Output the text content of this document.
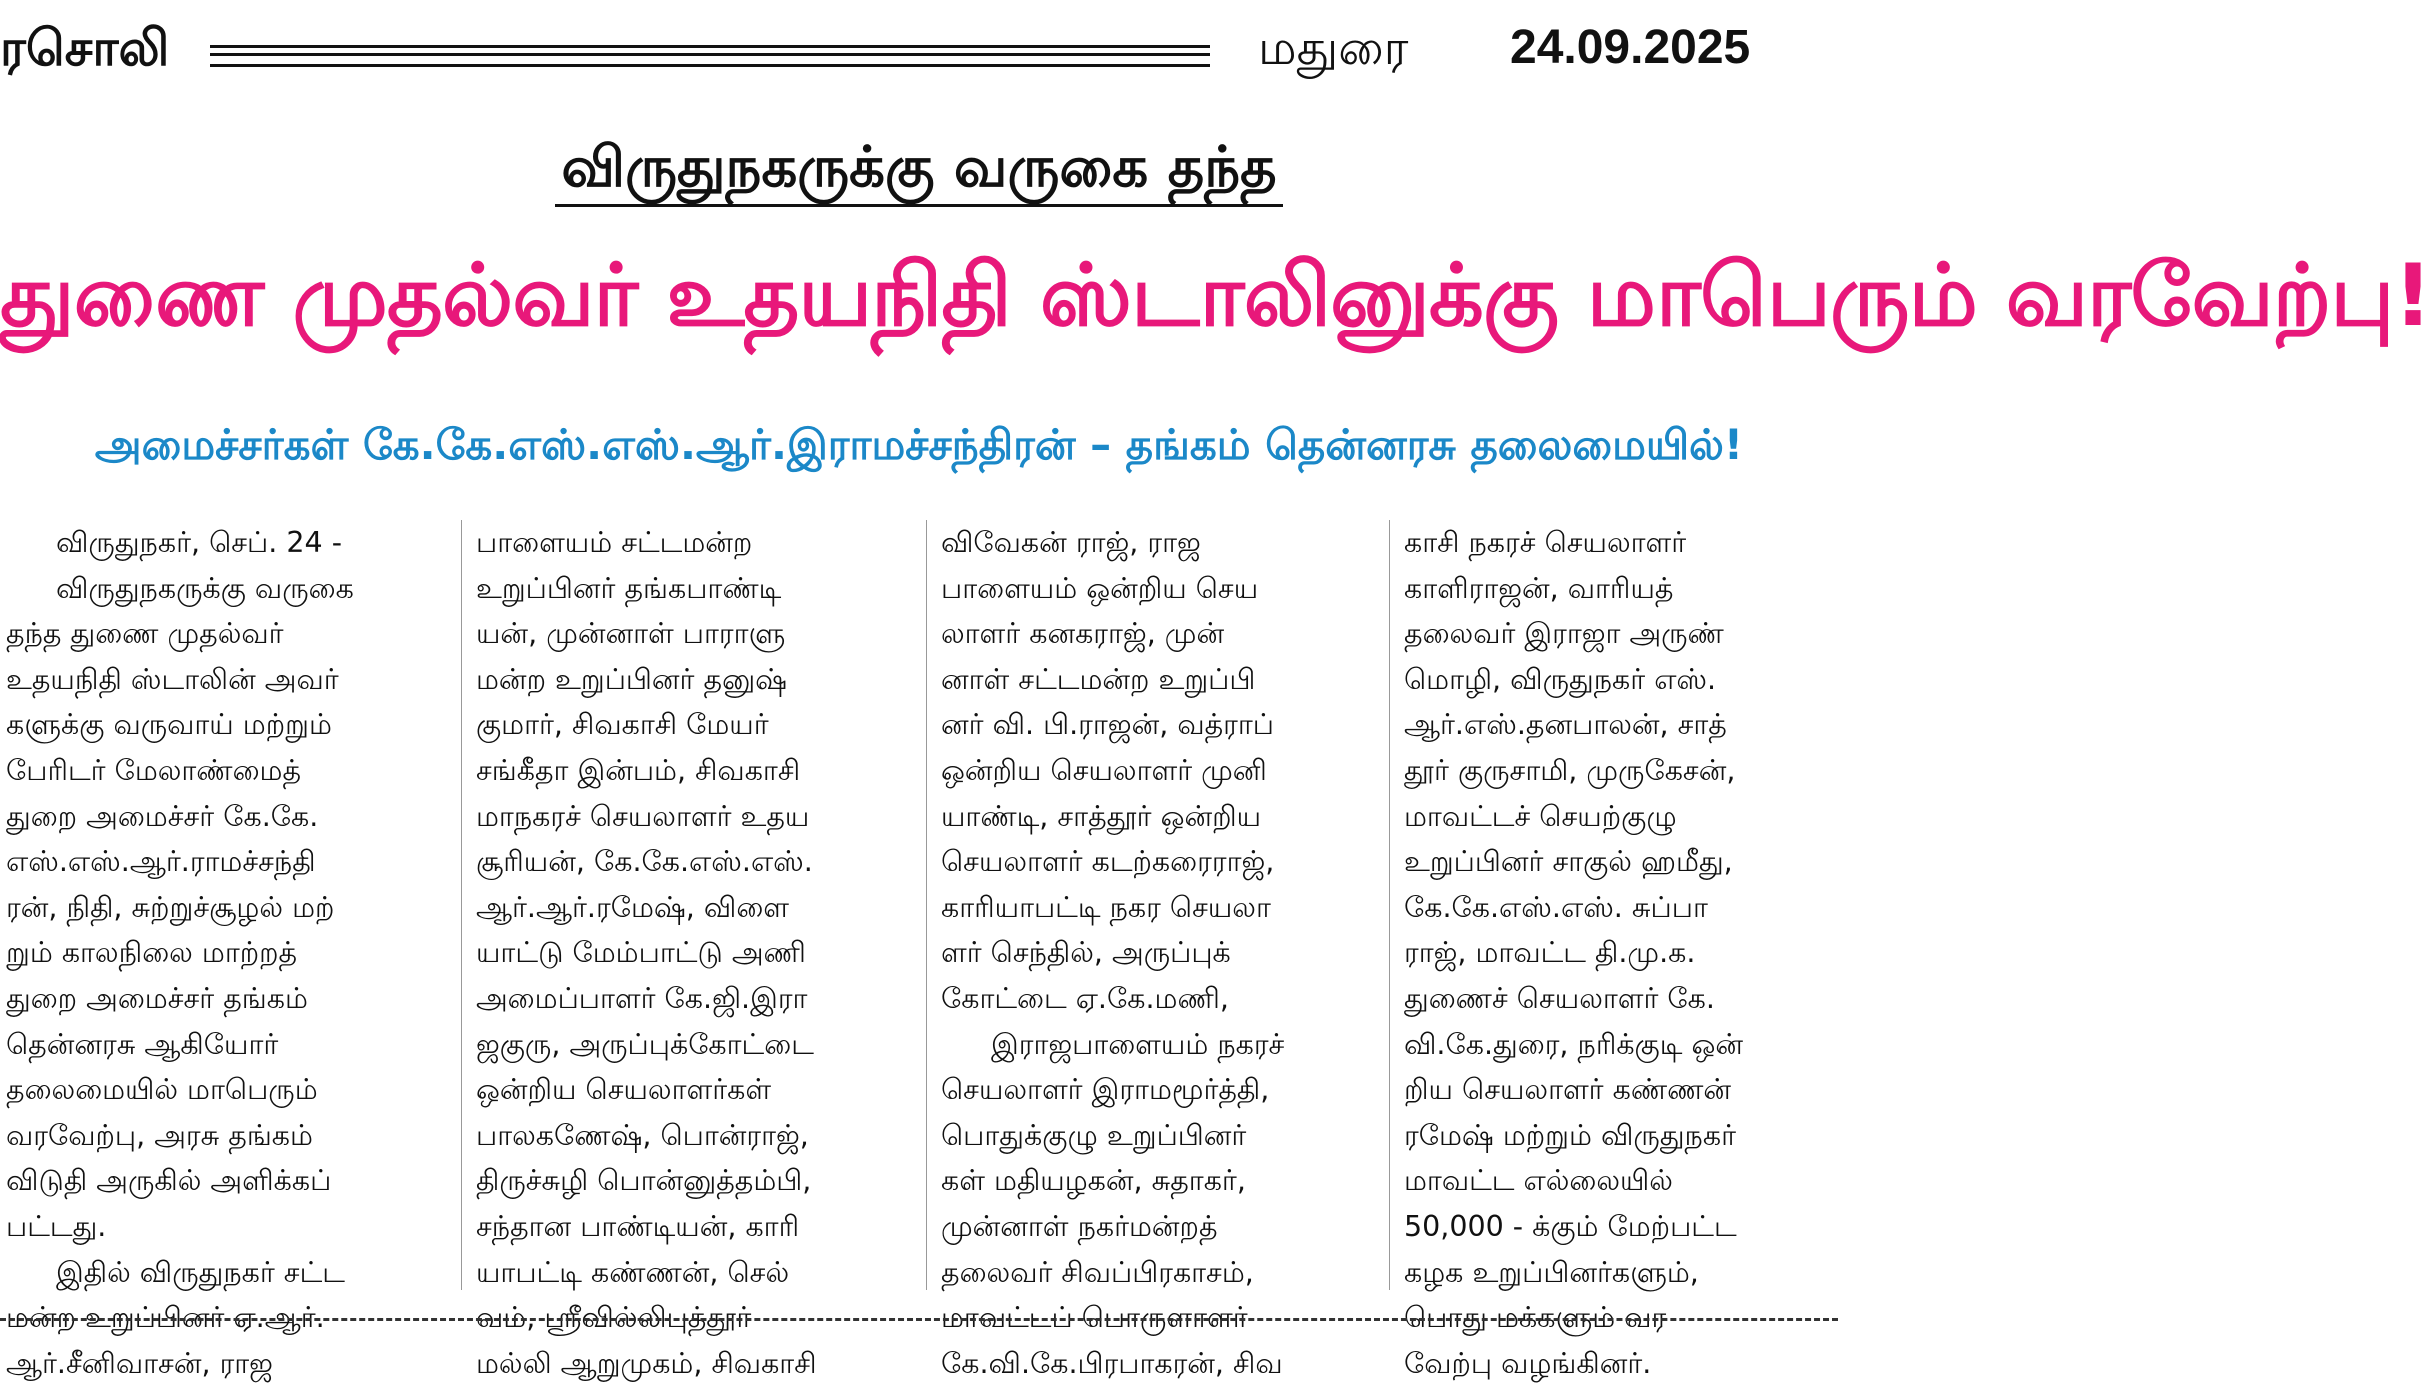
ரசொலி	மதுரை 24.09.2025
விருதுநகருக்கு வருகை தந்த
துணை முதல்வர் உதயநிதி ஸ்டாலினுக்கு மாபெரும் வரவேற்பு!
அமைச்சர்கள் கே.கே.எஸ்.எஸ்.ஆர்.இராமச்சந்திரன் – தங்கம் தென்னரசு தலைமையில்!
விருதுநகர், செப். 24 -
விருதுநகருக்கு வருகை
தந்த துணை முதல்வர்
உதயநிதி ஸ்டாலின் அவர்
களுக்கு வருவாய் மற்றும்
பேரிடர் மேலாண்மைத்
துறை அமைச்சர் கே.கே.
எஸ்.எஸ்.ஆர்.ராமச்சந்தி
ரன், நிதி, சுற்றுச்சூழல் மற்
றும் காலநிலை மாற்றத்
துறை அமைச்சர் தங்கம்
தென்னரசு ஆகியோர்
தலைமையில் மாபெரும்
வரவேற்பு, அரசு தங்கம்
விடுதி அருகில் அளிக்கப்
பட்டது.
இதில் விருதுநகர் சட்ட
மன்ற உறுப்பினர் ஏ.ஆர்.
ஆர்.சீனிவாசன், ராஜ
பாளையம் சட்டமன்ற
உறுப்பினர் தங்கபாண்டி
யன், முன்னாள் பாராளு
மன்ற உறுப்பினர் தனுஷ்
குமார், சிவகாசி மேயர்
சங்கீதா இன்பம், சிவகாசி
மாநகரச் செயலாளர் உதய
சூரியன், கே.கே.எஸ்.எஸ்.
ஆர்.ஆர்.ரமேஷ், விளை
யாட்டு மேம்பாட்டு அணி
அமைப்பாளர் கே.ஜி.இரா
ஜகுரு, அருப்புக்கோட்டை
ஒன்றிய செயலாளர்கள்
பாலகணேஷ், பொன்ராஜ்,
திருச்சுழி பொன்னுத்தம்பி,
சந்தான பாண்டியன், காரி
யாபட்டி கண்ணன், செல்
வம், ஸ்ரீவில்லிபுத்தூர்
மல்லி ஆறுமுகம், சிவகாசி
விவேகன் ராஜ், ராஜ
பாளையம் ஒன்றிய செய
லாளர் கனகராஜ், முன்
னாள் சட்டமன்ற உறுப்பி
னர் வி. பி.ராஜன், வத்ராப்
ஒன்றிய செயலாளர் முனி
யாண்டி, சாத்தூர் ஒன்றிய
செயலாளர் கடற்கரைராஜ்,
காரியாபட்டி நகர செயலா
ளர் செந்தில், அருப்புக்
கோட்டை ஏ.கே.மணி,
இராஜபாளையம் நகரச்
செயலாளர் இராமமூர்த்தி,
பொதுக்குழு உறுப்பினர்
கள் மதியழகன், சுதாகர்,
முன்னாள் நகர்மன்றத்
தலைவர் சிவப்பிரகாசம்,
மாவட்டப் பொருளாளர்
கே.வி.கே.பிரபாகரன், சிவ
காசி நகரச் செயலாளர்
காளிராஜன், வாரியத்
தலைவர் இராஜா அருண்
மொழி, விருதுநகர் எஸ்.
ஆர்.எஸ்.தனபாலன், சாத்
தூர் குருசாமி, முருகேசன்,
மாவட்டச் செயற்குழு
உறுப்பினர் சாகுல் ஹமீது,
கே.கே.எஸ்.எஸ். சுப்பா
ராஜ், மாவட்ட தி.மு.க.
துணைச் செயலாளர் கே.
வி.கே.துரை, நரிக்குடி ஒன்
றிய செயலாளர் கண்ணன்
ரமேஷ் மற்றும் விருதுநகர்
மாவட்ட எல்லையில்
50,000 - க்கும் மேற்பட்ட
கழக உறுப்பினர்களும்,
பொது மக்களும் வர
வேற்பு வழங்கினர்.
